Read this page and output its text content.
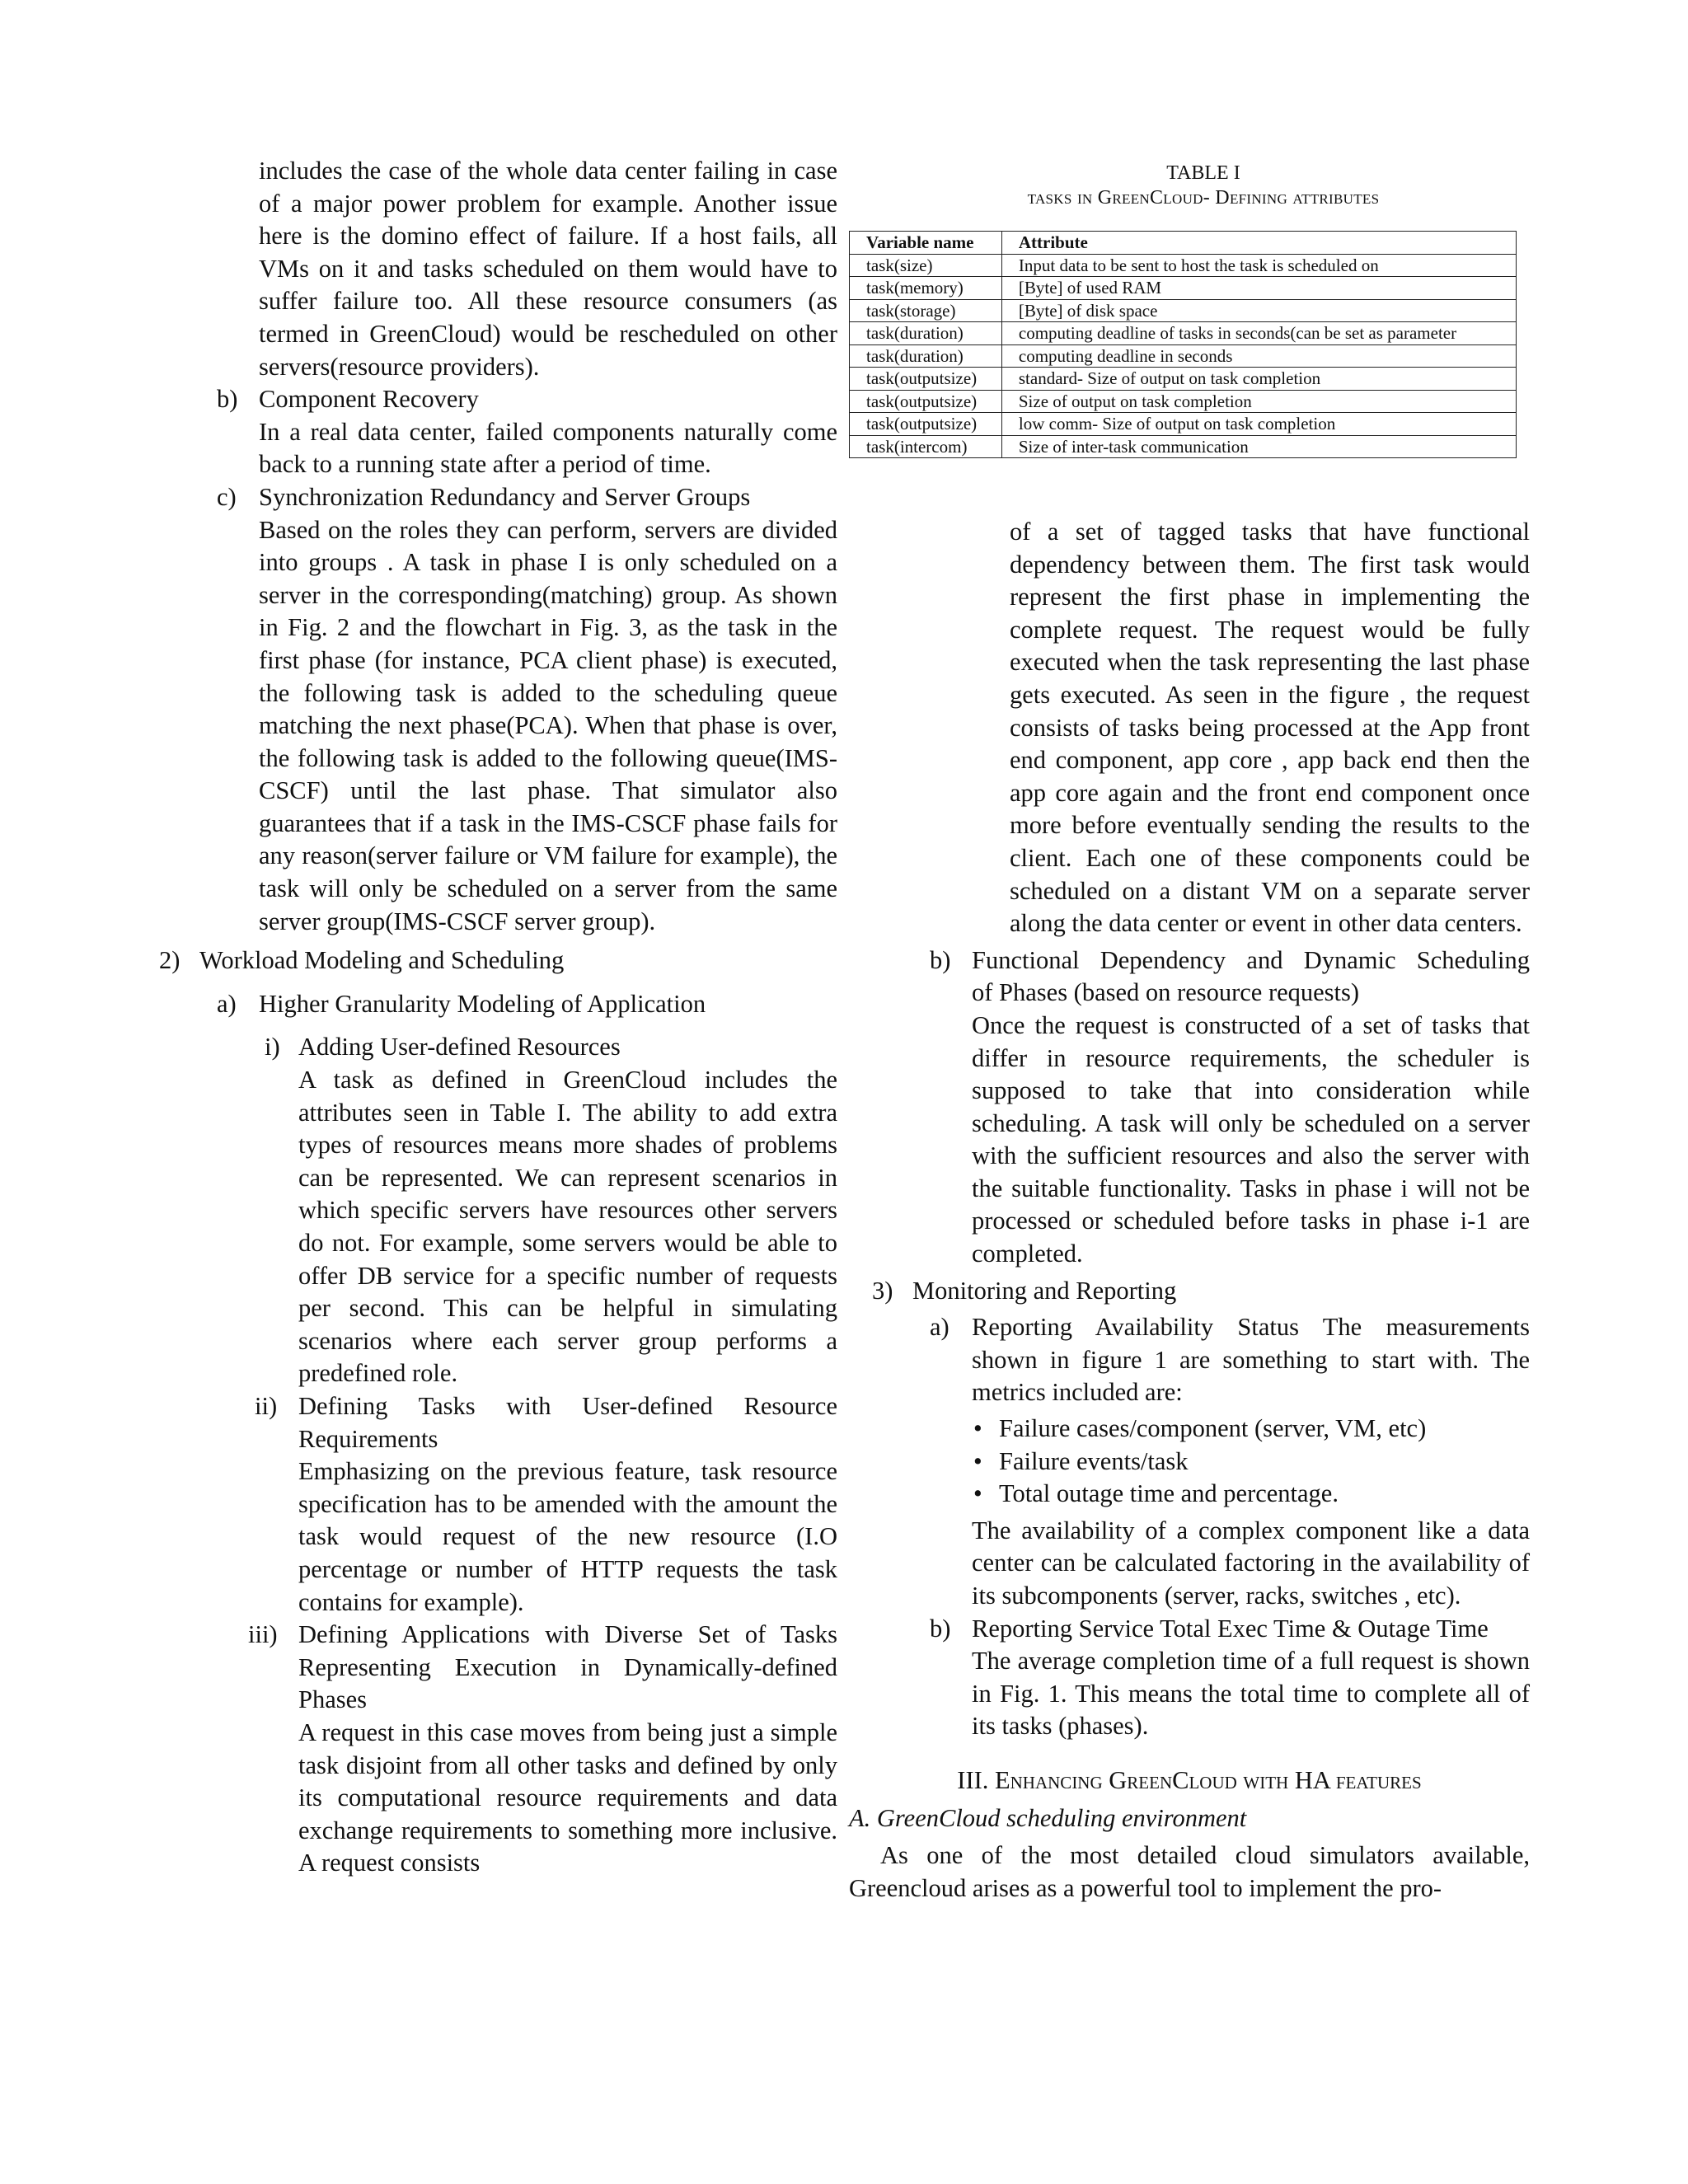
includes the case of the whole data center failing in case of a major power problem for example. Another issue here is the domino effect of failure. If a host fails, all VMs on it and tasks scheduled on them would have to suffer failure too. All these resource consumers (as termed in GreenCloud) would be rescheduled on other servers(resource providers).

b) Component Recovery

In a real data center, failed components naturally come back to a running state after a period of time.

c) Synchronization Redundancy and Server Groups

Based on the roles they can perform, servers are divided into groups . A task in phase I is only scheduled on a server in the corresponding(matching) group. As shown in Fig. 2 and the flowchart in Fig. 3, as the task in the first phase (for instance, PCA client phase) is executed, the following task is added to the scheduling queue matching the next phase(PCA). When that phase is over, the following task is added to the following queue(IMS-CSCF) until the last phase. That simulator also guarantees that if a task in the IMS-CSCF phase fails for any reason(server failure or VM failure for example), the task will only be scheduled on a server from the same server group(IMS-CSCF server group).

2) Workload Modeling and Scheduling

a) Higher Granularity Modeling of Application

i) Adding User-defined Resources

A task as defined in GreenCloud includes the attributes seen in Table I. The ability to add extra types of resources means more shades of problems can be represented. We can represent scenarios in which specific servers have resources other servers do not. For example, some servers would be able to offer DB service for a specific number of requests per second. This can be helpful in simulating scenarios where each server group performs a predefined role.

ii) Defining Tasks with User-defined Resource Requirements

Emphasizing on the previous feature, task resource specification has to be amended with the amount the task would request of the new resource (I.O percentage or number of HTTP requests the task contains for example).

iii) Defining Applications with Diverse Set of Tasks Representing Execution in Dynamically-defined Phases

A request in this case moves from being just a simple task disjoint from all other tasks and defined by only its computational resource requirements and data exchange requirements to something more inclusive. A request consists

TABLE I
tasks in GreenCloud- Defining attributes
Variable name	Attribute
task(size)	Input data to be sent to host the task is scheduled on
task(memory)	[Byte] of used RAM
task(storage)	[Byte] of disk space
task(duration)	computing deadline of tasks in seconds(can be set as parameter
task(duration)	computing deadline in seconds
task(outputsize)	standard- Size of output on task completion
task(outputsize)	Size of output on task completion
task(outputsize)	low comm- Size of output on task completion
task(intercom)	Size of inter-task communication

of a set of tagged tasks that have functional dependency between them. The first task would represent the first phase in implementing the complete request. The request would be fully executed when the task representing the last phase gets executed. As seen in the figure , the request consists of tasks being processed at the App front end component, app core , app back end then the app core again and the front end component once more before eventually sending the results to the client. Each one of these components could be scheduled on a distant VM on a separate server along the data center or event in other data centers.

b) Functional Dependency and Dynamic Scheduling

of Phases (based on resource requests)

Once the request is constructed of a set of tasks that differ in resource requirements, the scheduler is supposed to take that into consideration while scheduling. A task will only be scheduled on a server with the sufficient resources and also the server with the suitable functionality. Tasks in phase i will not be processed or scheduled before tasks in phase i-1 are completed.

3) Monitoring and Reporting

a) Reporting Availability Status The measurements shown in figure 1 are something to start with. The metrics included are:

• Failure cases/component (server, VM, etc)
• Failure events/task
• Total outage time and percentage.

The availability of a complex component like a data center can be calculated factoring in the availability of its subcomponents (server, racks, switches , etc).

b) Reporting Service Total Exec Time & Outage Time

The average completion time of a full request is shown in Fig. 1. This means the total time to complete all of its tasks (phases).

III. Enhancing GreenCloud with HA features
A. GreenCloud scheduling environment

As one of the most detailed cloud simulators available, Greencloud arises as a powerful tool to implement the pro-
